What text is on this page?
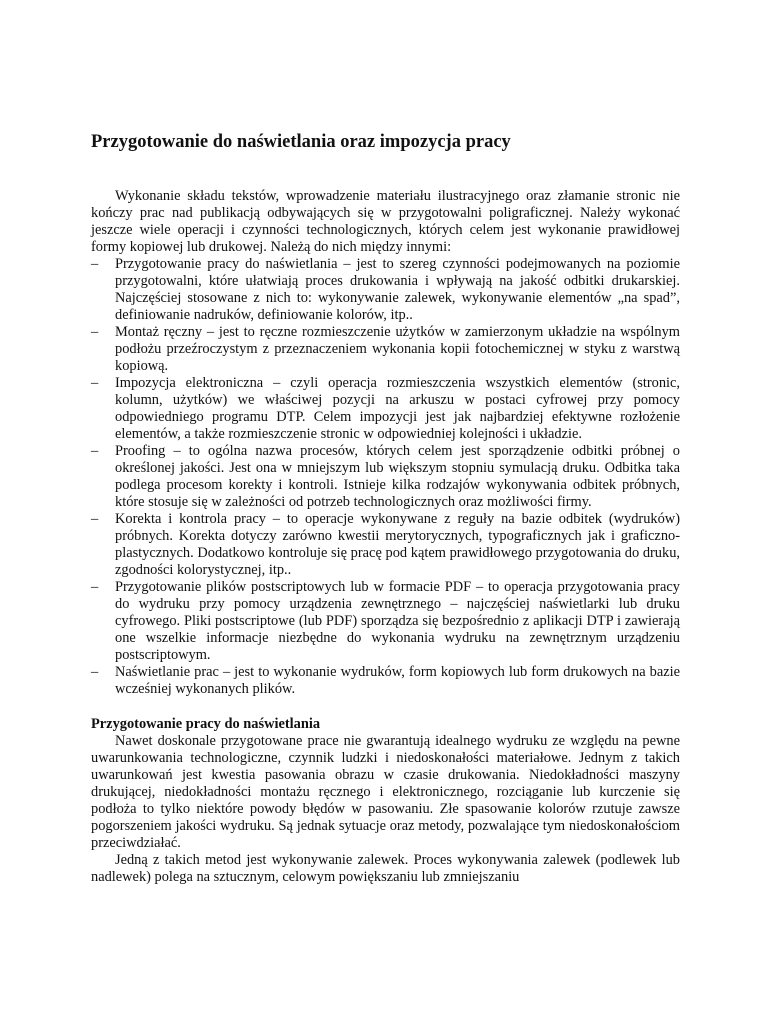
Przygotowanie do naświetlania oraz impozycja pracy

Wykonanie składu tekstów, wprowadzenie materiału ilustracyjnego oraz złamanie stronic nie kończy prac nad publikacją odbywających się w przygotowalni poligraficznej. Należy wykonać jeszcze wiele operacji i czynności technologicznych, których celem jest wykonanie prawidłowej formy kopiowej lub drukowej. Należą do nich między innymi:

– Przygotowanie pracy do naświetlania – jest to szereg czynności podejmowanych na poziomie przygotowalni, które ułatwiają proces drukowania i wpływają na jakość odbitki drukarskiej. Najczęściej stosowane z nich to: wykonywanie zalewek, wykonywanie elementów „na spad”, definiowanie nadruków, definiowanie kolorów, itp..
– Montaż ręczny – jest to ręczne rozmieszczenie użytków w zamierzonym układzie na wspólnym podłożu przeźroczystym z przeznaczeniem wykonania kopii fotochemicznej w styku z warstwą kopiową.
– Impozycja elektroniczna – czyli operacja rozmieszczenia wszystkich elementów (stronic, kolumn, użytków) we właściwej pozycji na arkuszu w postaci cyfrowej przy pomocy odpowiedniego programu DTP. Celem impozycji jest jak najbardziej efektywne rozłożenie elementów, a także rozmieszczenie stronic w odpowiedniej kolejności i układzie.
– Proofing – to ogólna nazwa procesów, których celem jest sporządzenie odbitki próbnej o określonej jakości. Jest ona w mniejszym lub większym stopniu symulacją druku. Odbitka taka podlega procesom korekty i kontroli. Istnieje kilka rodzajów wykonywania odbitek próbnych, które stosuje się w zależności od potrzeb technologicznych oraz możliwości firmy.
– Korekta i kontrola pracy – to operacje wykonywane z reguły na bazie odbitek (wydruków) próbnych. Korekta dotyczy zarówno kwestii merytorycznych, typograficznych jak i graficzno-plastycznych. Dodatkowo kontroluje się pracę pod kątem prawidłowego przygotowania do druku, zgodności kolorystycznej, itp..
– Przygotowanie plików postscriptowych lub w formacie PDF – to operacja przygotowania pracy do wydruku przy pomocy urządzenia zewnętrznego – najczęściej naświetlarki lub druku cyfrowego. Pliki postscriptowe (lub PDF) sporządza się bezpośrednio z aplikacji DTP i zawierają one wszelkie informacje niezbędne do wykonania wydruku na zewnętrznym urządzeniu postscriptowym.
– Naświetlanie prac – jest to wykonanie wydruków, form kopiowych lub form drukowych na bazie wcześniej wykonanych plików.
Przygotowanie pracy do naświetlania

Nawet doskonale przygotowane prace nie gwarantują idealnego wydruku ze względu na pewne uwarunkowania technologiczne, czynnik ludzki i niedoskonałości materiałowe. Jednym z takich uwarunkowań jest kwestia pasowania obrazu w czasie drukowania. Niedokładności maszyny drukującej, niedokładności montażu ręcznego i elektronicznego, rozciąganie lub kurczenie się podłoża to tylko niektóre powody błędów w pasowaniu. Złe spasowanie kolorów rzutuje zawsze pogorszeniem jakości wydruku. Są jednak sytuacje oraz metody, pozwalające tym niedoskonałościom przeciwdziałać.

Jedną z takich metod jest wykonywanie zalewek. Proces wykonywania zalewek (podlewek lub nadlewek) polega na sztucznym, celowym powiększaniu lub zmniejszaniu
